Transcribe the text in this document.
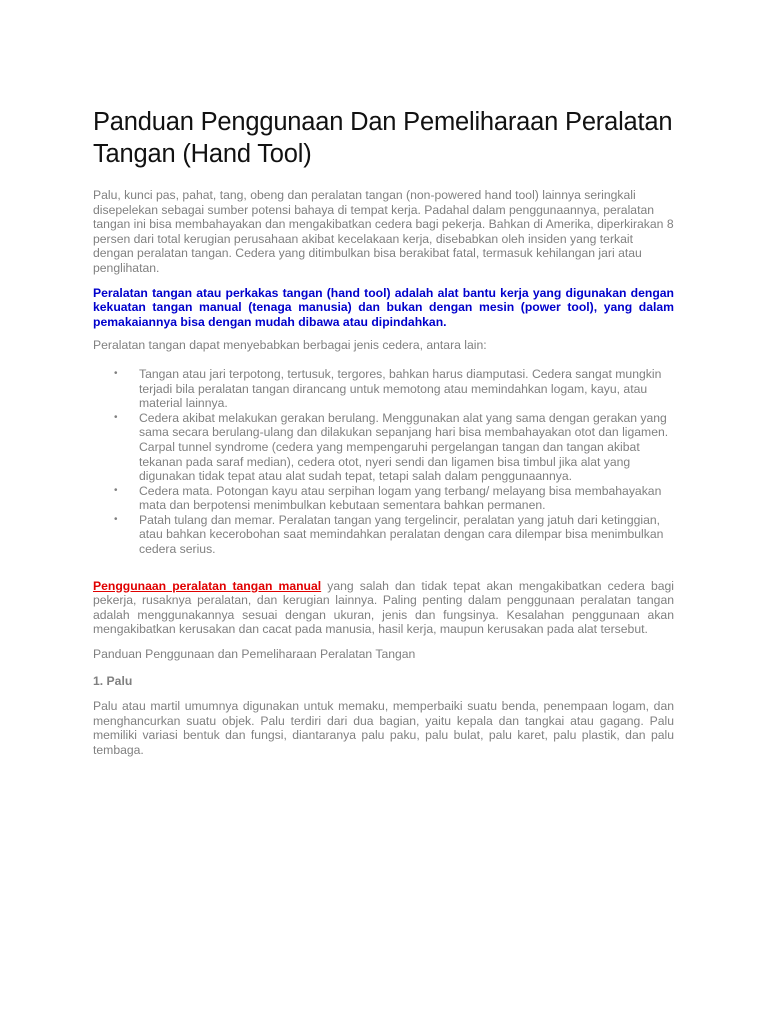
Panduan Penggunaan Dan Pemeliharaan Peralatan Tangan (Hand Tool)

Palu, kunci pas, pahat, tang, obeng dan peralatan tangan (non-powered hand tool) lainnya seringkali disepelekan sebagai sumber potensi bahaya di tempat kerja. Padahal dalam penggunaannya, peralatan tangan ini bisa membahayakan dan mengakibatkan cedera bagi pekerja. Bahkan di Amerika, diperkirakan 8 persen dari total kerugian perusahaan akibat kecelakaan kerja, disebabkan oleh insiden yang terkait dengan peralatan tangan. Cedera yang ditimbulkan bisa berakibat fatal, termasuk kehilangan jari atau penglihatan.

Peralatan tangan atau perkakas tangan (hand tool) adalah alat bantu kerja yang digunakan dengan kekuatan tangan manual (tenaga manusia) dan bukan dengan mesin (power tool), yang dalam pemakaiannya bisa dengan mudah dibawa atau dipindahkan.

Peralatan tangan dapat menyebabkan berbagai jenis cedera, antara lain:

• Tangan atau jari terpotong, tertusuk, tergores, bahkan harus diamputasi. Cedera sangat mungkin terjadi bila peralatan tangan dirancang untuk memotong atau memindahkan logam, kayu, atau material lainnya.
• Cedera akibat melakukan gerakan berulang. Menggunakan alat yang sama dengan gerakan yang sama secara berulang-ulang dan dilakukan sepanjang hari bisa membahayakan otot dan ligamen. Carpal tunnel syndrome (cedera yang mempengaruhi pergelangan tangan dan tangan akibat tekanan pada saraf median), cedera otot, nyeri sendi dan ligamen bisa timbul jika alat yang digunakan tidak tepat atau alat sudah tepat, tetapi salah dalam penggunaannya.
• Cedera mata. Potongan kayu atau serpihan logam yang terbang/ melayang bisa membahayakan mata dan berpotensi menimbulkan kebutaan sementara bahkan permanen.
• Patah tulang dan memar. Peralatan tangan yang tergelincir, peralatan yang jatuh dari ketinggian, atau bahkan kecerobohan saat memindahkan peralatan dengan cara dilempar bisa menimbulkan cedera serius.

Penggunaan peralatan tangan manual yang salah dan tidak tepat akan mengakibatkan cedera bagi pekerja, rusaknya peralatan, dan kerugian lainnya. Paling penting dalam penggunaan peralatan tangan adalah menggunakannya sesuai dengan ukuran, jenis dan fungsinya. Kesalahan penggunaan akan mengakibatkan kerusakan dan cacat pada manusia, hasil kerja, maupun kerusakan pada alat tersebut.

Panduan Penggunaan dan Pemeliharaan Peralatan Tangan

1. Palu

Palu atau martil umumnya digunakan untuk memaku, memperbaiki suatu benda, penempaan logam, dan menghancurkan suatu objek. Palu terdiri dari dua bagian, yaitu kepala dan tangkai atau gagang. Palu memiliki variasi bentuk dan fungsi, diantaranya palu paku, palu bulat, palu karet, palu plastik, dan palu tembaga.
